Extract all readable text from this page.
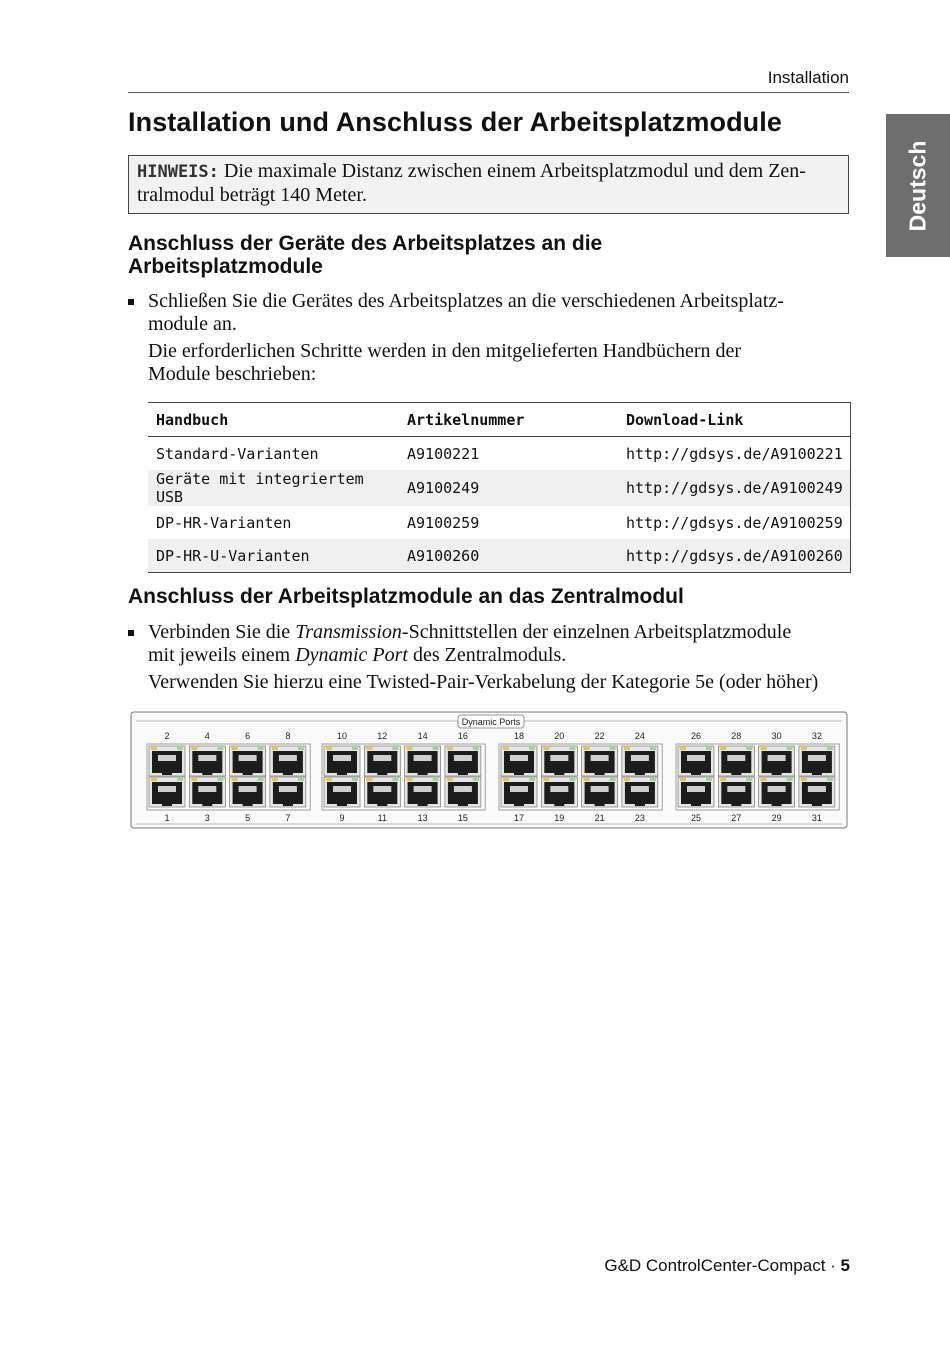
Installation
Deutsch
Installation und Anschluss der Arbeitsplatzmodule
HINWEIS: Die maximale Distanz zwischen einem Arbeitsplatzmodul und dem Zen-
tralmodul beträgt 140 Meter.
Anschluss der Geräte des Arbeitsplatzes an die
Arbeitsplatzmodule
Schließen Sie die Gerätes des Arbeitsplatzes an die verschiedenen Arbeitsplatz-
module an.
Die erforderlichen Schritte werden in den mitgelieferten Handbüchern der
Module beschrieben:
Handbuch	Artikelnummer	Download-Link
Standard-Varianten	A9100221	http://gdsys.de/A9100221
Geräte mit integriertem USB	A9100249	http://gdsys.de/A9100249
DP-HR-Varianten	A9100259	http://gdsys.de/A9100259
DP-HR-U-Varianten	A9100260	http://gdsys.de/A9100260
Anschluss der Arbeitsplatzmodule an das Zentralmodul
Verbinden Sie die Transmission-Schnittstellen der einzelnen Arbeitsplatzmodule
mit jeweils einem Dynamic Port des Zentralmoduls.
Verwenden Sie hierzu eine Twisted-Pair-Verkabelung der Kategorie 5e (oder höher)
Dynamic Ports
2
1
4
3
6
5
8
7
10
9
12
11
14
13
16
15
18
17
20
19
22
21
24
23
26
25
28
27
30
29
32
31
G&D ControlCenter-Compact · 5
